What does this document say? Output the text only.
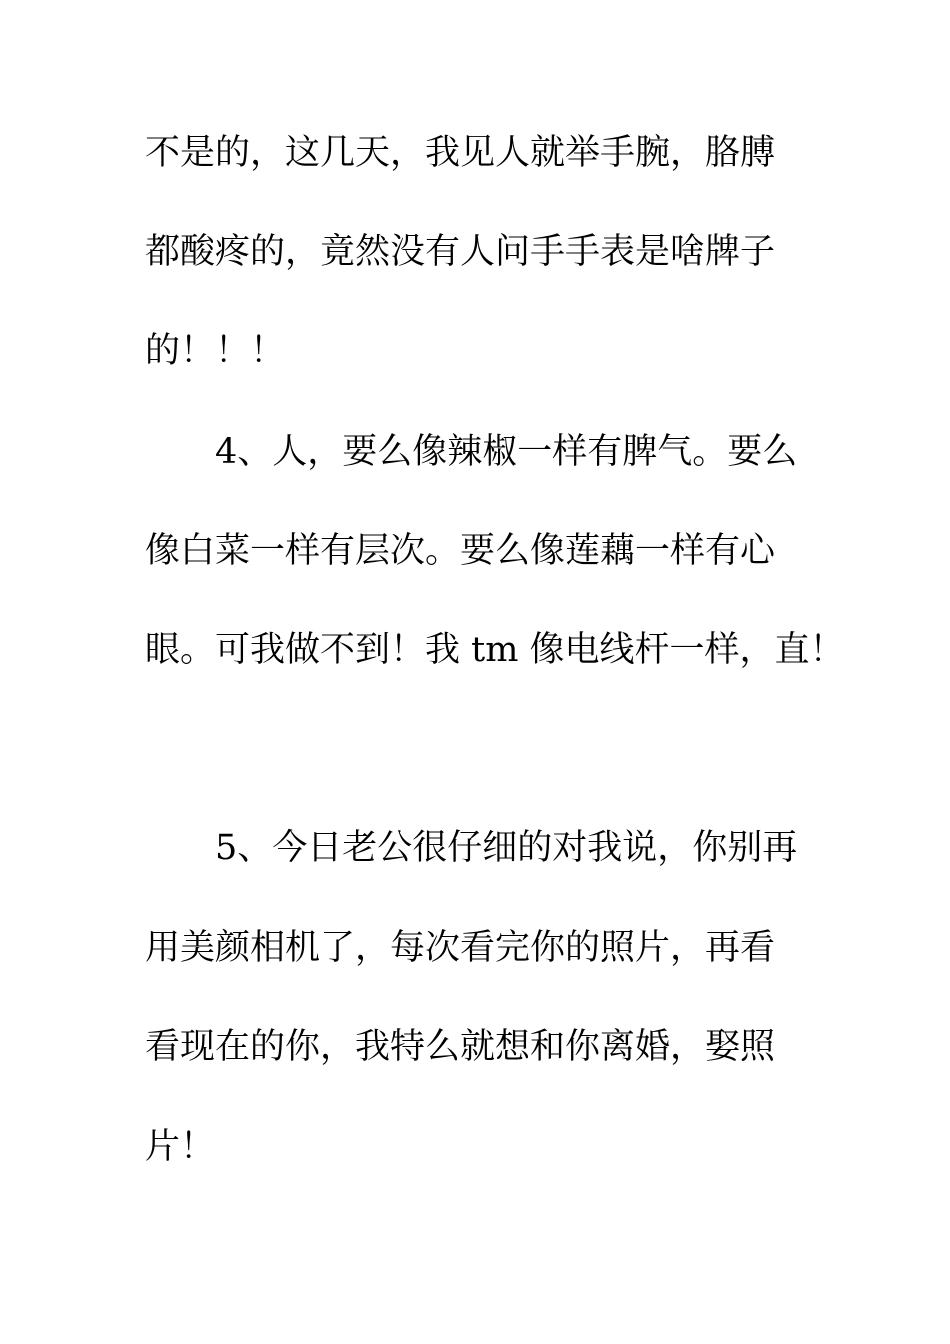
不是的，这几天，我见人就举手腕，胳膊
都酸疼的，竟然没有人问手手表是啥牌子
的！！！
4、人，要么像辣椒一样有脾气。要么
像白菜一样有层次。要么像莲藕一样有心
眼。可我做不到！我 tm 像电线杆一样，直！
5、今日老公很仔细的对我说，你别再
用美颜相机了，每次看完你的照片，再看
看现在的你，我特么就想和你离婚，娶照
片！
